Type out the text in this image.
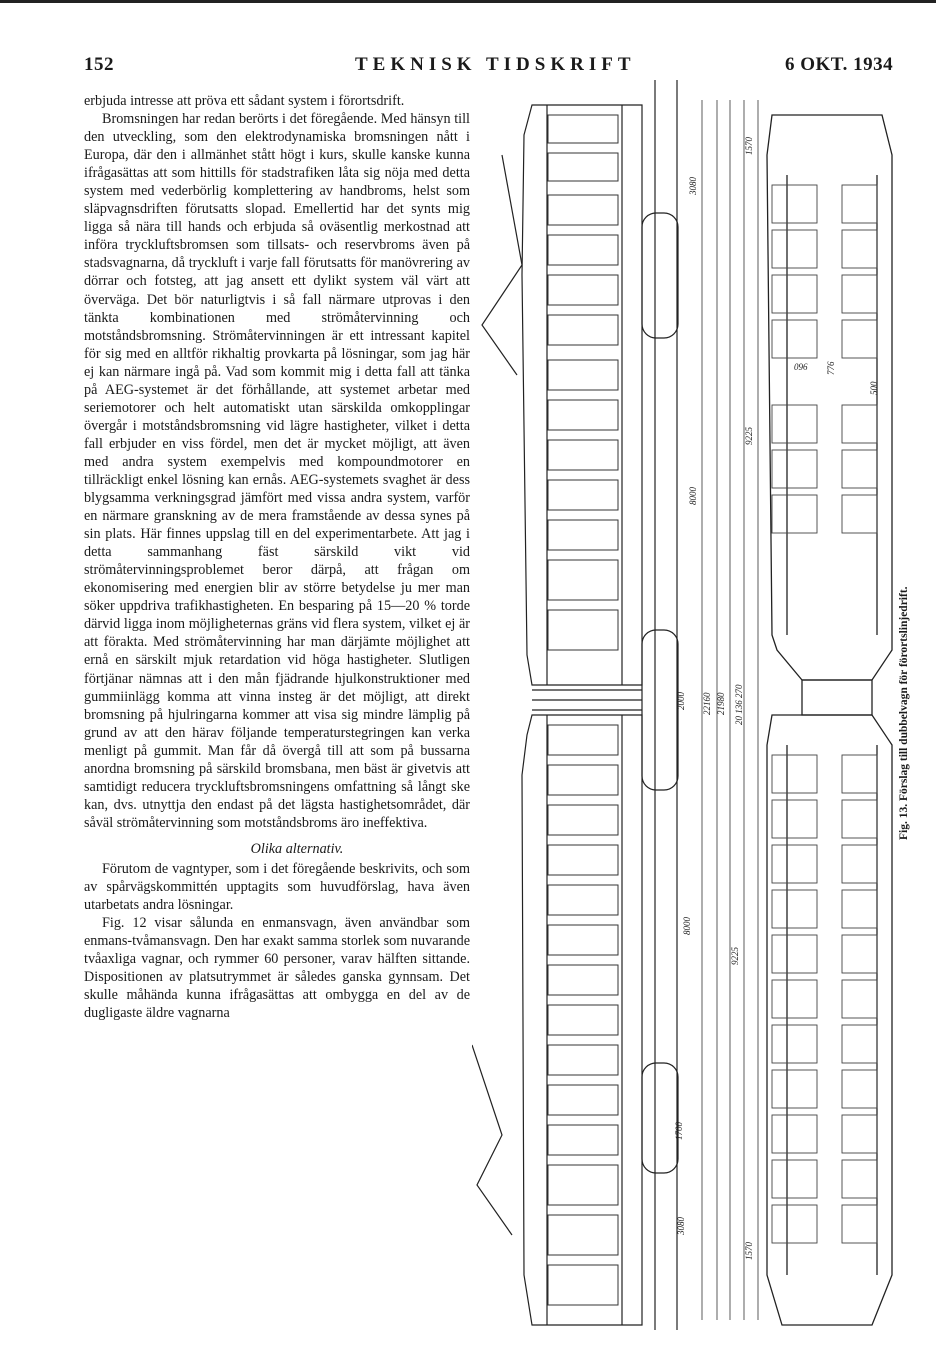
152	TEKNISK TIDSKRIFT	6 OKT. 1934

erbjuda intresse att pröva ett sådant system i förortsdrift.

Bromsningen har redan berörts i det föregående. Med hänsyn till den utveckling, som den elektrodynamiska bromsningen nått i Europa, där den i allmänhet stått högt i kurs, skulle kanske kunna ifrågasättas att som hittills för stadstrafiken låta sig nöja med detta system med vederbörlig komplettering av handbroms, helst som släpvagnsdriften förutsatts slopad. Emellertid har det synts mig ligga så nära till hands och erbjuda så oväsentlig merkostnad att införa tryckluftsbromsen som tillsats- och reservbroms även på stadsvagnarna, då tryckluft i varje fall förutsatts för manövrering av dörrar och fotsteg, att jag ansett ett dylikt system väl värt att överväga. Det bör naturligtvis i så fall närmare utprovas i den tänkta kombinationen med strömåtervinning och motståndsbromsning. Strömåtervinningen är ett intressant kapitel för sig med en alltför rikhaltig provkarta på lösningar, som jag här ej kan närmare ingå på. Vad som kommit mig i detta fall att tänka på AEG-systemet är det förhållande, att systemet arbetar med seriemotorer och helt automatiskt utan särskilda omkopplingar övergår i motståndsbromsning vid lägre hastigheter, vilket i detta fall erbjuder en viss fördel, men det är mycket möjligt, att även med andra system exempelvis med kompoundmotorer en tillräckligt enkel lösning kan ernås. AEG-systemets svaghet är dess blygsamma verkningsgrad jämfört med vissa andra system, varför en närmare granskning av de mera framstående av dessa synes på sin plats. Här finnes uppslag till en del experimentarbete. Att jag i detta sammanhang fäst särskild vikt vid strömåtervinningsproblemet beror därpå, att frågan om ekonomisering med energien blir av större betydelse ju mer man söker uppdriva trafikhastigheten. En besparing på 15—20 % torde därvid ligga inom möjligheternas gräns vid flera system, vilket ej är att förakta. Med strömåtervinning har man därjämte möjlighet att ernå en särskilt mjuk retardation vid höga hastigheter. Slutligen förtjänar nämnas att i den mån fjädrande hjulkonstruktioner med gummiinlägg komma att vinna insteg är det möjligt, att direkt bromsning på hjulringarna kommer att visa sig mindre lämplig på grund av att den härav följande temperaturstegringen kan verka menligt på gummit. Man får då övergå till att som på bussarna anordna bromsning på särskild bromsbana, men bäst är givetvis att samtidigt reducera tryckluftsbromsningens omfattning så långt ske kan, dvs. utnyttja den endast på det lägsta hastighetsområdet, där såväl strömåtervinning som motståndsbroms äro ineffektiva.

Olika alternativ.

Förutom de vagntyper, som i det föregående beskrivits, och som av spårvägskommittén upptagits som huvudförslag, hava även utarbetats andra lösningar.

Fig. 12 visar sålunda en enmansvagn, även användbar som enmans-tvåmansvagn. Den har exakt samma storlek som nuvarande tvåaxliga vagnar, och rymmer 60 personer, varav hälften sittande. Dispositionen av platsutrymmet är således ganska gynnsam. Det skulle måhända kunna ifrågasättas att ombygga en del av de dugligaste äldre vagnarna

3080
1570
8000
9225
096 776
500
2000 22160 21980 20 136 270
8000
9225
1700
3080
1570
Fig. 13. Förslag till dubbelvagn för förortslinjedrift.
